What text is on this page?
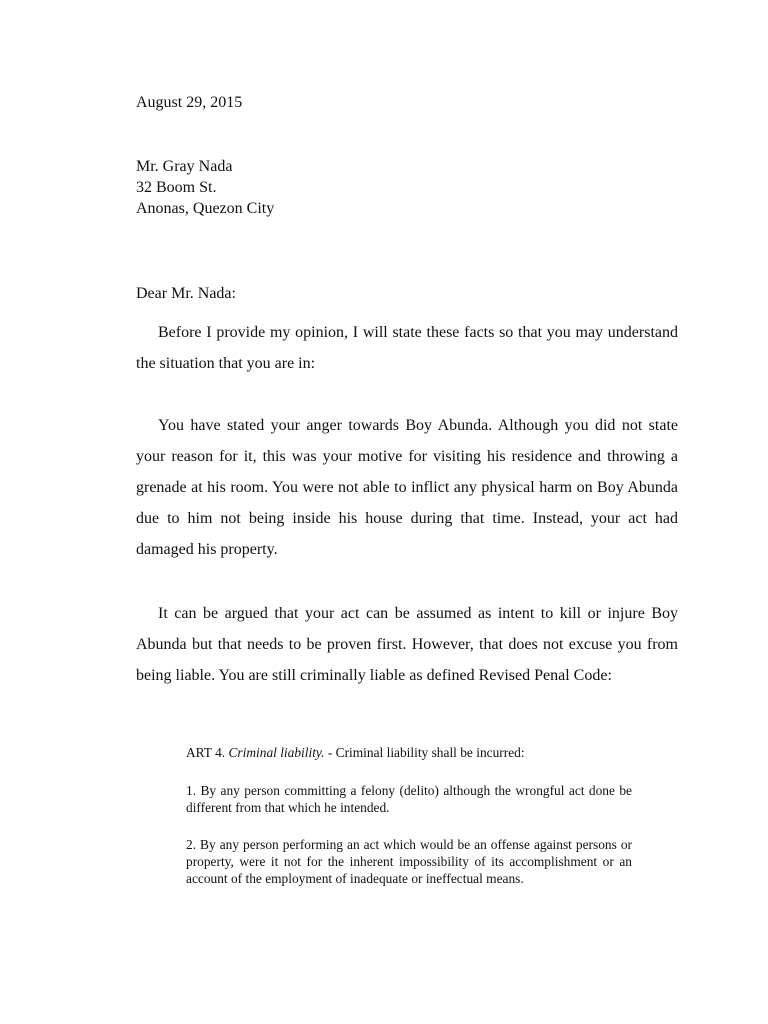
August 29, 2015
Mr. Gray Nada
32 Boom St.
Anonas, Quezon City
Dear Mr. Nada:
Before I provide my opinion, I will state these facts so that you may understand the situation that you are in:
You have stated your anger towards Boy Abunda. Although you did not state your reason for it, this was your motive for visiting his residence and throwing a grenade at his room. You were not able to inflict any physical harm on Boy Abunda due to him not being inside his house during that time. Instead, your act had damaged his property.
It can be argued that your act can be assumed as intent to kill or injure Boy Abunda but that needs to be proven first. However, that does not excuse you from being liable. You are still criminally liable as defined Revised Penal Code:
ART 4. Criminal liability. - Criminal liability shall be incurred:
1. By any person committing a felony (delito) although the wrongful act done be different from that which he intended.
2. By any person performing an act which would be an offense against persons or property, were it not for the inherent impossibility of its accomplishment or an account of the employment of inadequate or ineffectual means.
